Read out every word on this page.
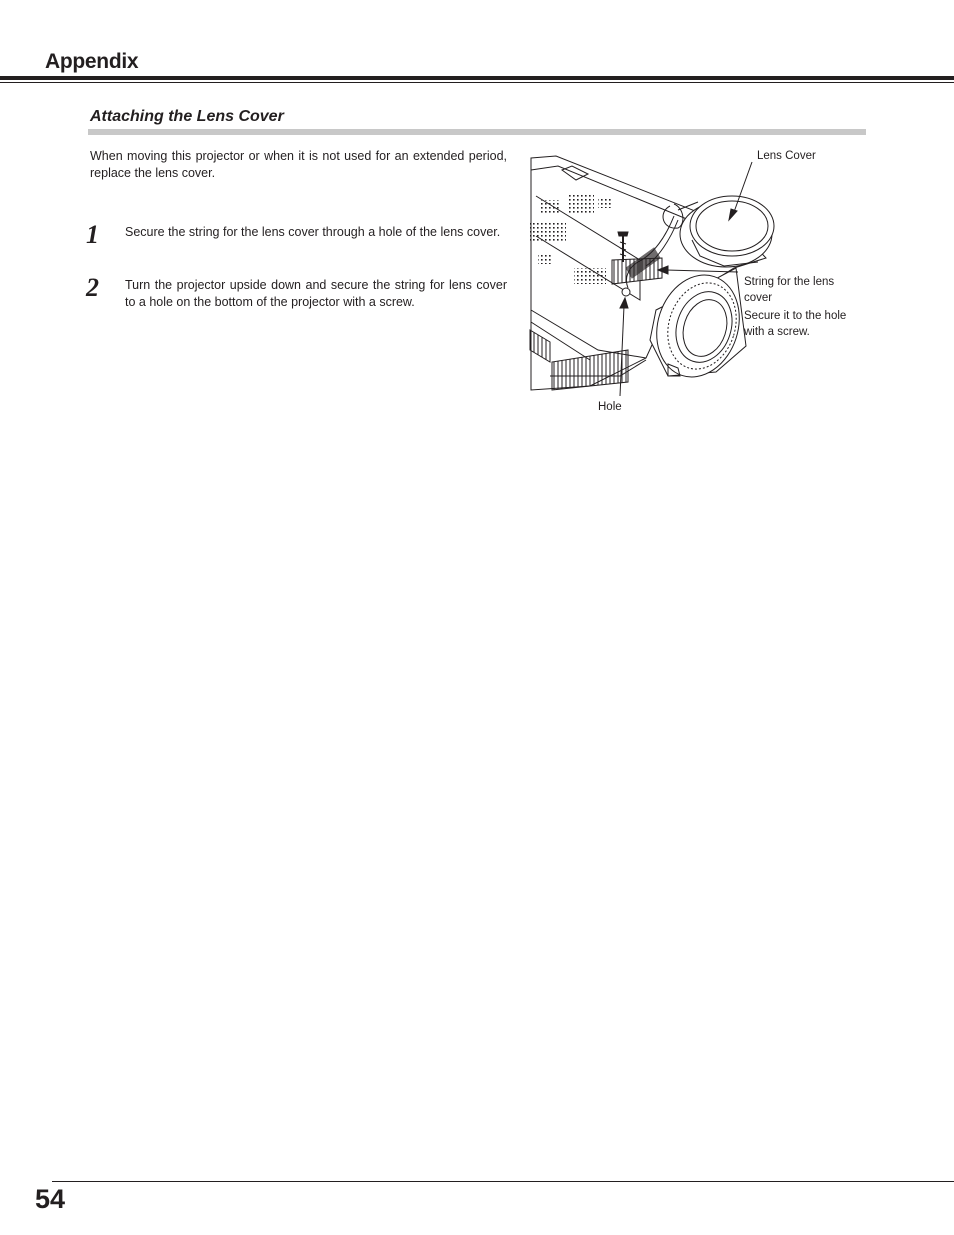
Appendix
Attaching the Lens Cover

When moving this projector or when it is not used for an extended period, replace the lens cover.

1 Secure the string for the lens cover through a hole of the lens cover.

2 Turn the projector upside down and secure the string for lens cover to a hole on the bottom of the projector with a screw.

Lens Cover
String for the lens cover
Secure it to the hole with a screw.
Hole
54
